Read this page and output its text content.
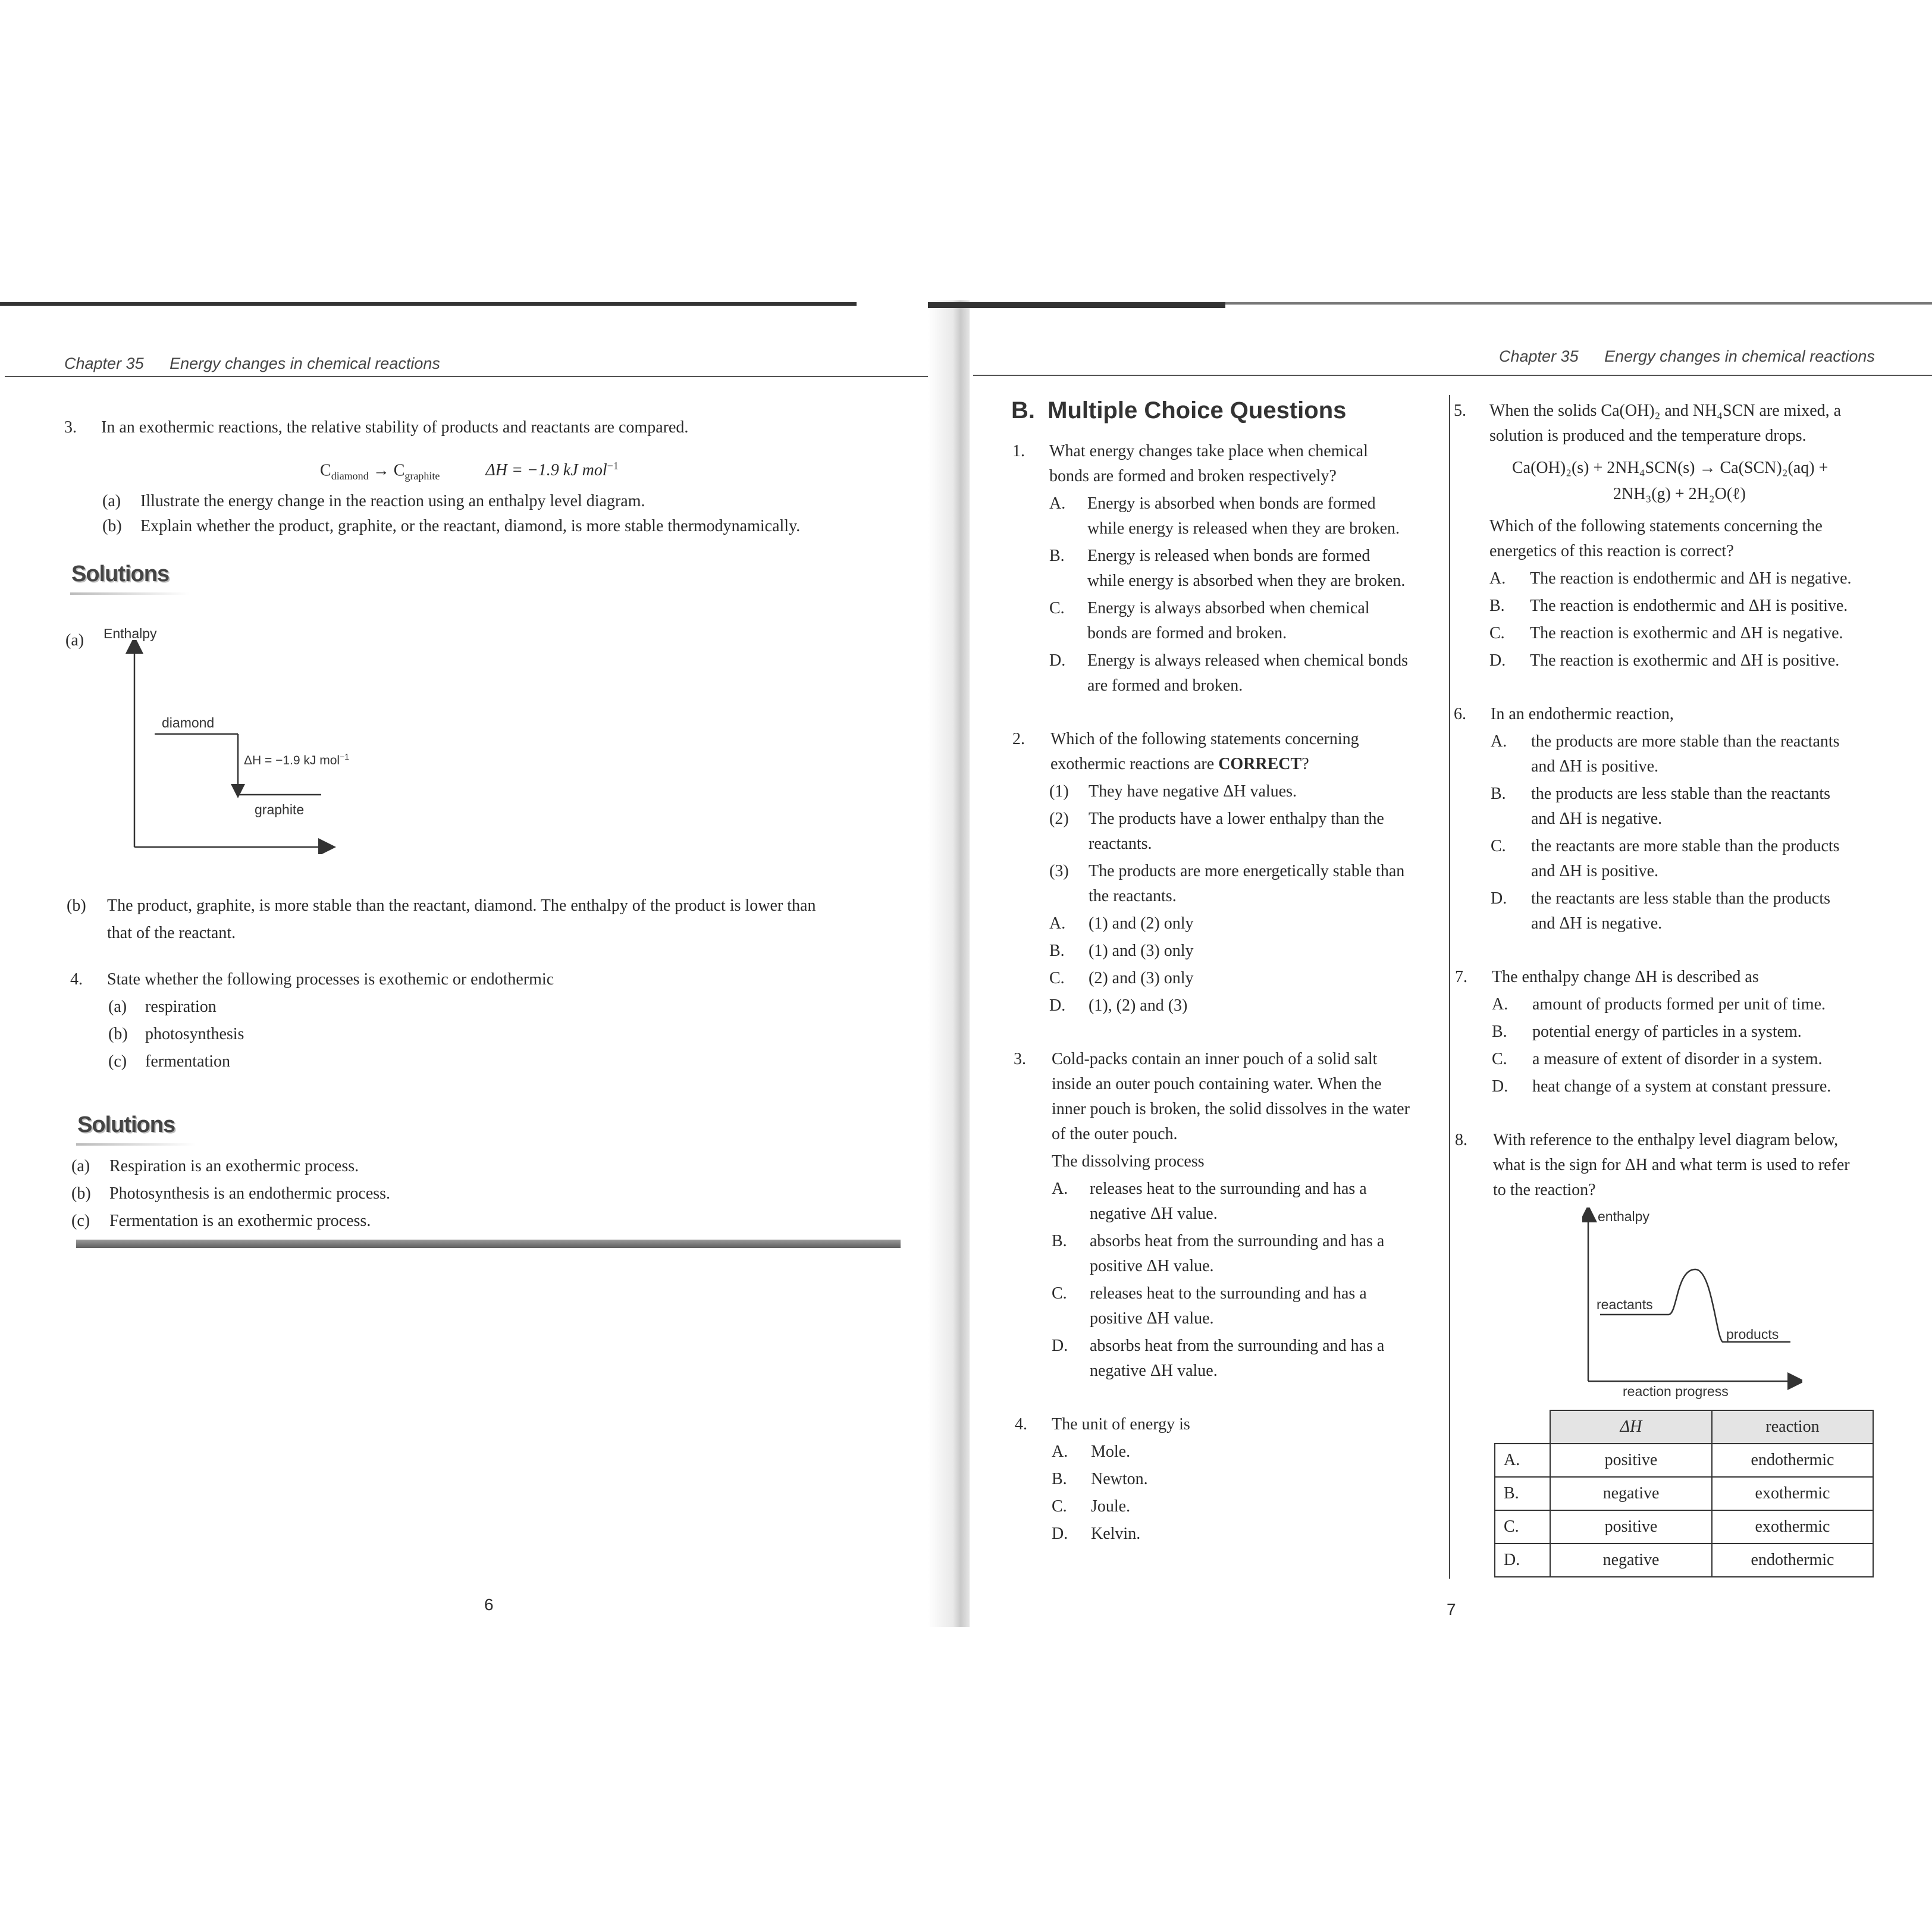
Chapter 35 Energy changes in chemical reactions
3. In an exothermic reactions, the relative stability of products and reactants are compared.
$C_{diamond} \to C_{graphite}$	ΔH = −1.9 kJ mol$^{-1}$
(a) Illustrate the energy change in the reaction using an enthalpy level diagram.
(b) Explain whether the product, graphite, or the reactant, diamond, is more stable thermodynamically.
Solutions
(a) Enthalpy
diamond
ΔH = −1.9 kJ mol$^{-1}$
graphite
(b) The product, graphite, is more stable than the reactant, diamond. The enthalpy of the product is lower than
that of the reactant.
4. State whether the following processes is exothemic or endothermic
(a) respiration
(b) photosynthesis
(c) fermentation
Solutions
(a) Respiration is an exothermic process.
(b) Photosynthesis is an endothermic process.
(c) Fermentation is an exothermic process.
6
Chapter 35 Energy changes in chemical reactions
B. Multiple Choice Questions
1. What energy changes take place when chemical
bonds are formed and broken respectively?
A. Energy is absorbed when bonds are formed
while energy is released when they are broken.
B. Energy is released when bonds are formed
while energy is absorbed when they are broken.
C. Energy is always absorbed when chemical
bonds are formed and broken.
D. Energy is always released when chemical bonds
are formed and broken.
2. Which of the following statements concerning
exothermic reactions are CORRECT?
(1) They have negative ΔH values.
(2) The products have a lower enthalpy than the
reactants.
(3) The products are more energetically stable than
the reactants.
A. (1) and (2) only
B. (1) and (3) only
C. (2) and (3) only
D. (1), (2) and (3)
3. Cold-packs contain an inner pouch of a solid salt
inside an outer pouch containing water. When the
inner pouch is broken, the solid dissolves in the water
of the outer pouch.
The dissolving process
A. releases heat to the surrounding and has a
negative ΔH value.
B. absorbs heat from the surrounding and has a
positive ΔH value.
C. releases heat to the surrounding and has a
positive ΔH value.
D. absorbs heat from the surrounding and has a
negative ΔH value.
4. The unit of energy is
A. Mole.
B. Newton.
C. Joule.
D. Kelvin.
7
5. When the solids Ca(OH)₂ and NH₄SCN are mixed, a
solution is produced and the temperature drops.
Ca(OH)₂(s) + 2NH₄SCN(s) → Ca(SCN)₂(aq) +
2NH₃(g) + 2H₂O(ℓ)
Which of the following statements concerning the
energetics of this reaction is correct?
A. The reaction is endothermic and ΔH is negative.
B. The reaction is endothermic and ΔH is positive.
C. The reaction is exothermic and ΔH is negative.
D. The reaction is exothermic and ΔH is positive.
6. In an endothermic reaction,
A. the products are more stable than the reactants
and ΔH is positive.
B. the products are less stable than the reactants
and ΔH is negative.
C. the reactants are more stable than the products
and ΔH is positive.
D. the reactants are less stable than the products
and ΔH is negative.
7. The enthalpy change ΔH is described as
A. amount of products formed per unit of time.
B. potential energy of particles in a system.
C. a measure of extent of disorder in a system.
D. heat change of a system at constant pressure.
8. With reference to the enthalpy level diagram below,
what is the sign for ΔH and what term is used to refer
to the reaction?
enthalpy
reactants
products
reaction progress
	ΔH	reaction
A.	positive	endothermic
B.	negative	exothermic
C.	positive	exothermic
D.	negative	endothermic
